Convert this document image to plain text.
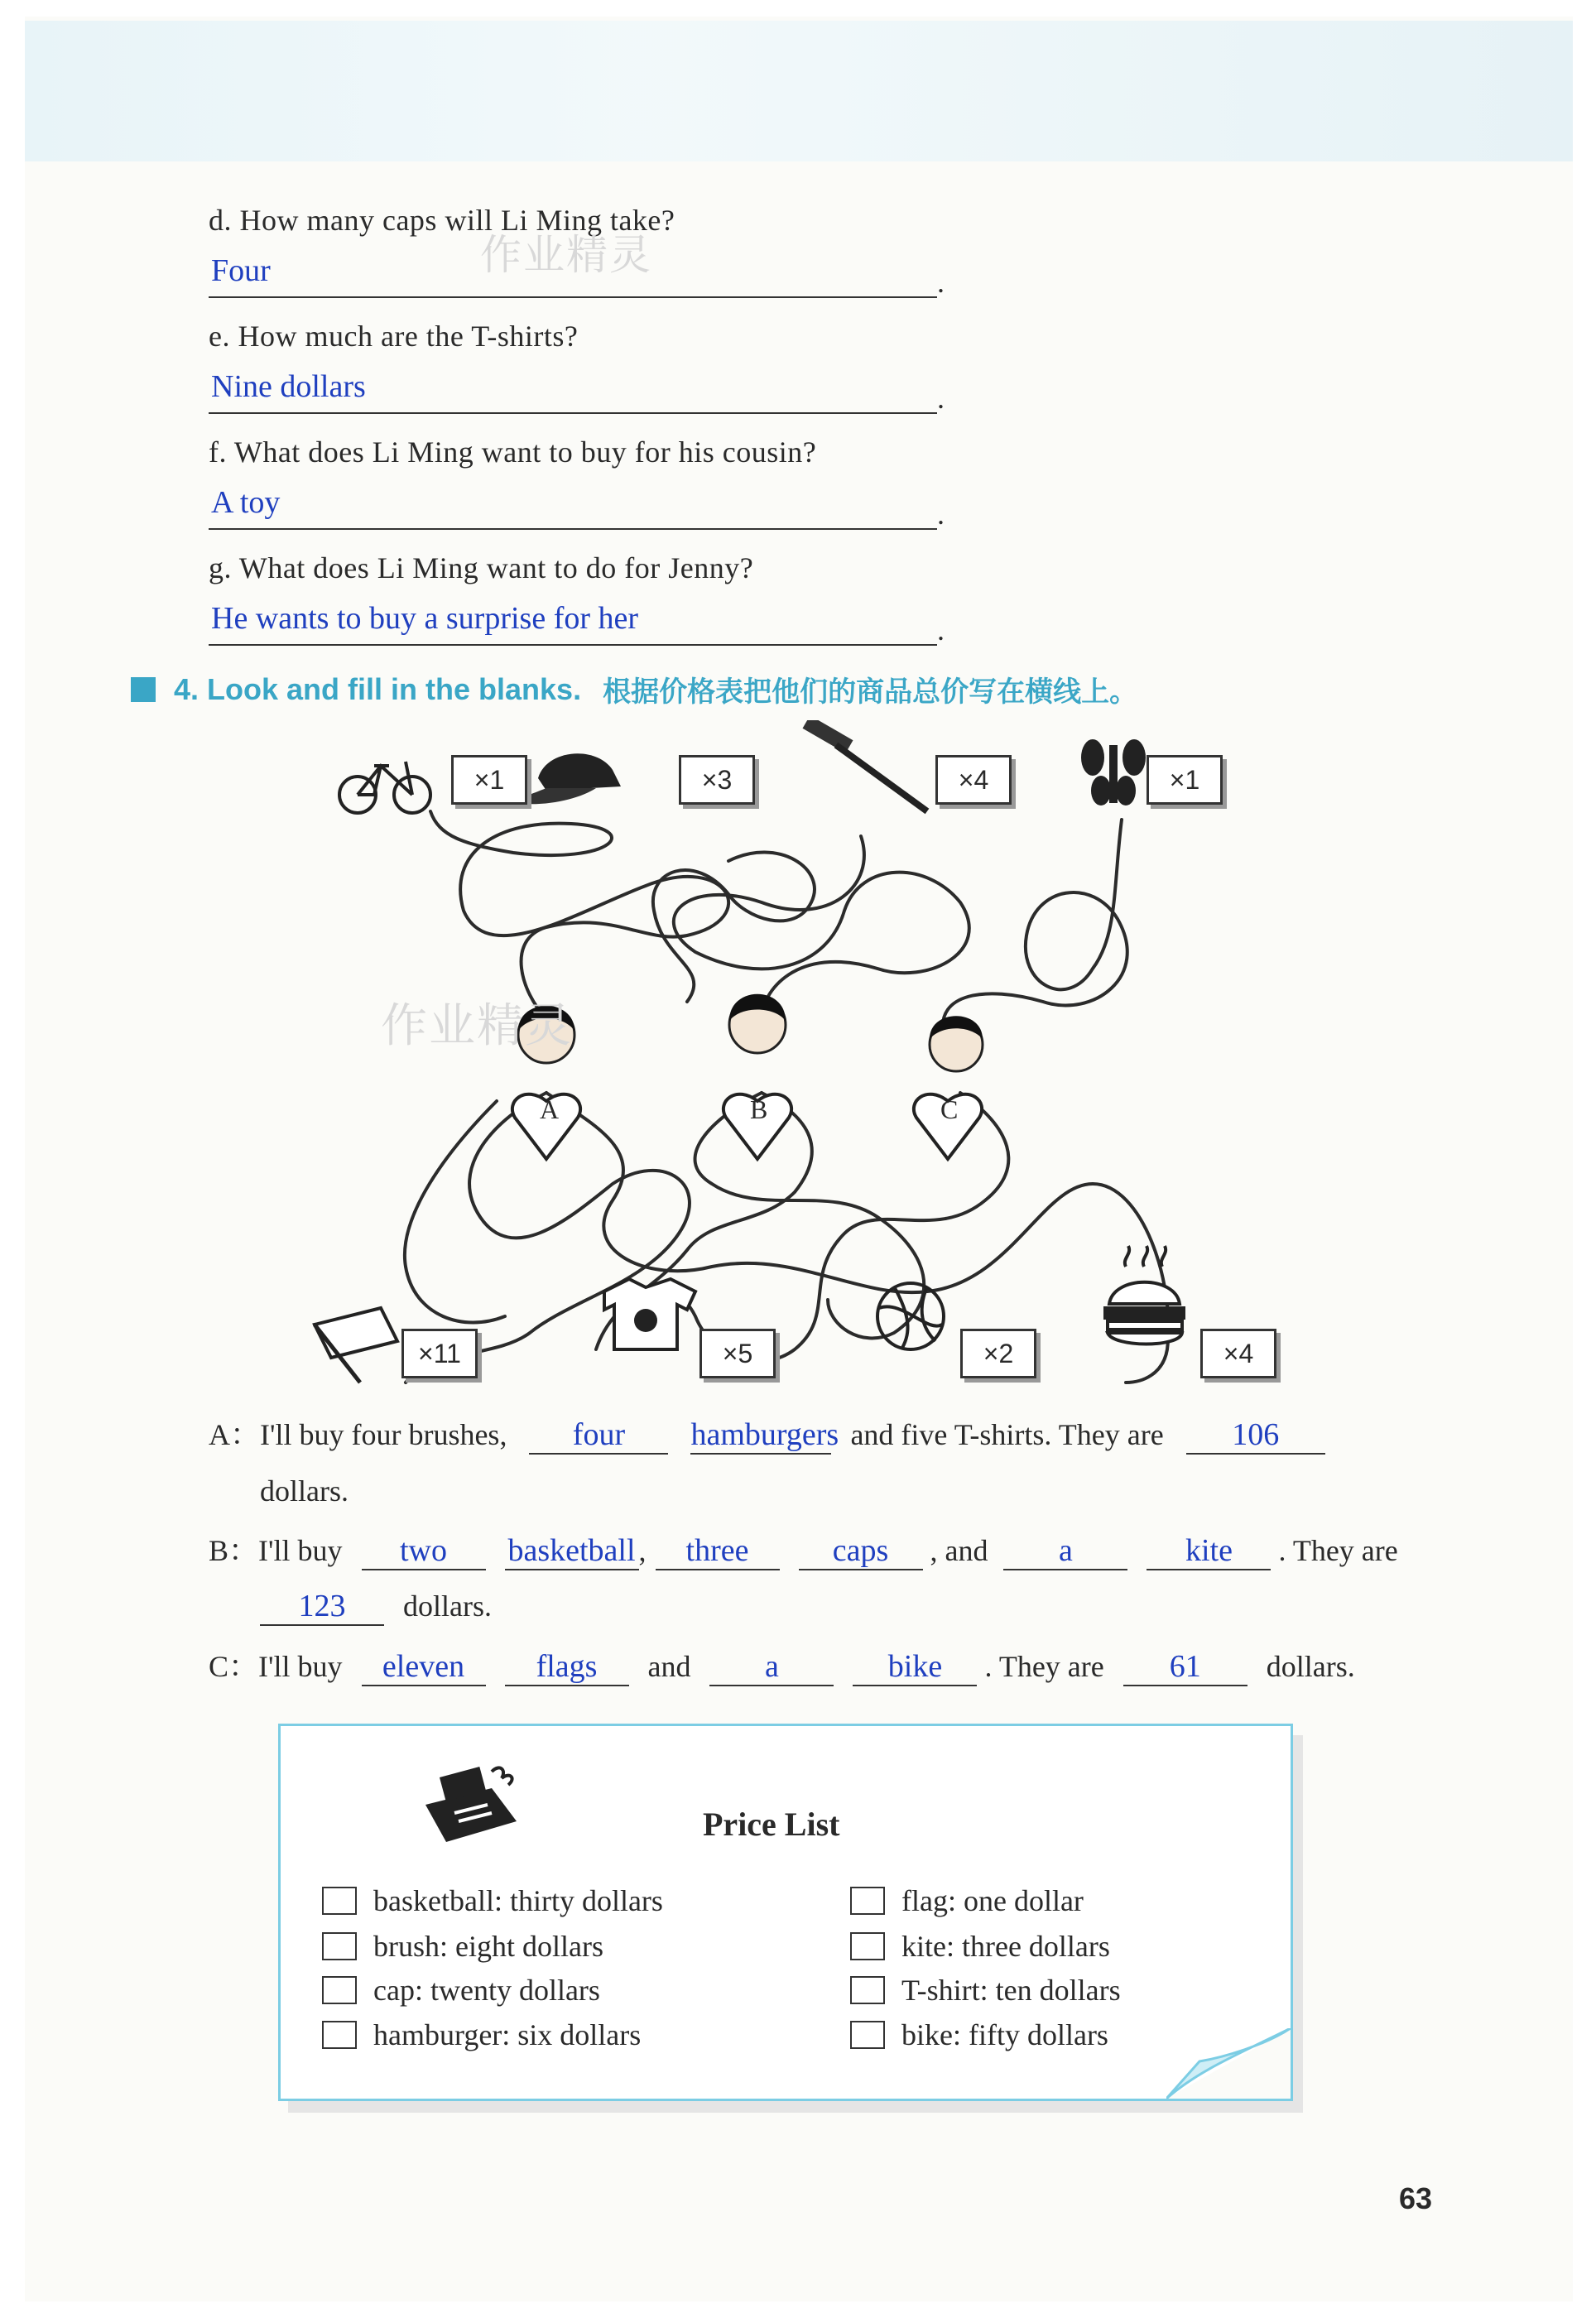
d. How many caps will Li Ming take?
Four	.
e. How much are the T-shirts?
Nine dollars	.
f. What does Li Ming want to buy for his cousin?
A toy	.
g. What does Li Ming want to do for Jenny?
He wants to buy a surprise for her	.
作业精灵
4. Look and fill in the blanks. 根据价格表把他们的商品总价写在横线上。
×1	×3	×4	×1
×11	×5	×2	×4
A	B	C
作业精灵
A：I'll buy four brushes, four hamburgers and five T-shirts. They are 106
dollars.
B：I'll buy two basketball , three	caps , and a	kite . They are
123 dollars.
C：I'll buy eleven flags and a	bike . They are 61 dollars.
Price List
basketball: thirty dollars
brush: eight dollars
cap: twenty dollars
hamburger: six dollars
flag: one dollar
kite: three dollars
T-shirt: ten dollars
bike: fifty dollars
63
